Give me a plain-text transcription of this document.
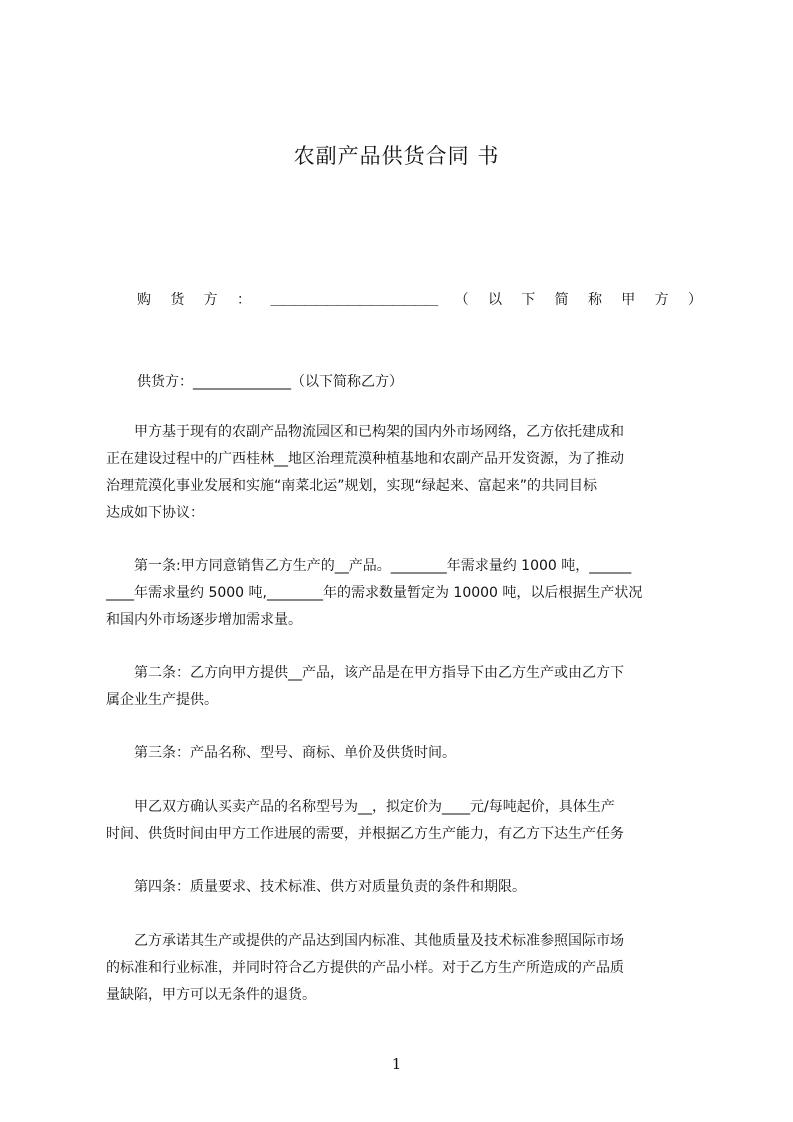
农副产品供货合同 书
购 货 方 ： ＿＿＿＿＿＿＿＿＿＿＿＿＿＿＿ （ 以 下 简 称 甲 方 ）
供货方：______________（以下简称乙方）
　　甲方基于现有的农副产品物流园区和已构架的国内外市场网络，乙方依托建成和
正在建设过程中的广西桂林__地区治理荒漠种植基地和农副产品开发资源，为了推动
治理荒漠化事业发展和实施“南菜北运”规划，实现“绿起来、富起来”的共同目标
达成如下协议：
　　第一条:甲方同意销售乙方生产的__产品。________年需求量约 1000 吨，______
____年需求量约 5000 吨,________年的需求数量暂定为 10000 吨，以后根据生产状况
和国内外市场逐步增加需求量。
　　第二条：乙方向甲方提供__产品，该产品是在甲方指导下由乙方生产或由乙方下
属企业生产提供。
　　第三条：产品名称、型号、商标、单价及供货时间。
　　甲乙双方确认买卖产品的名称型号为__，拟定价为____元/每吨起价，具体生产
时间、供货时间由甲方工作进展的需要，并根据乙方生产能力，有乙方下达生产任务
　　第四条：质量要求、技术标准、供方对质量负责的条件和期限。
　　乙方承诺其生产或提供的产品达到国内标准、其他质量及技术标准参照国际市场
的标准和行业标准，并同时符合乙方提供的产品小样。对于乙方生产所造成的产品质
量缺陷，甲方可以无条件的退货。
1
